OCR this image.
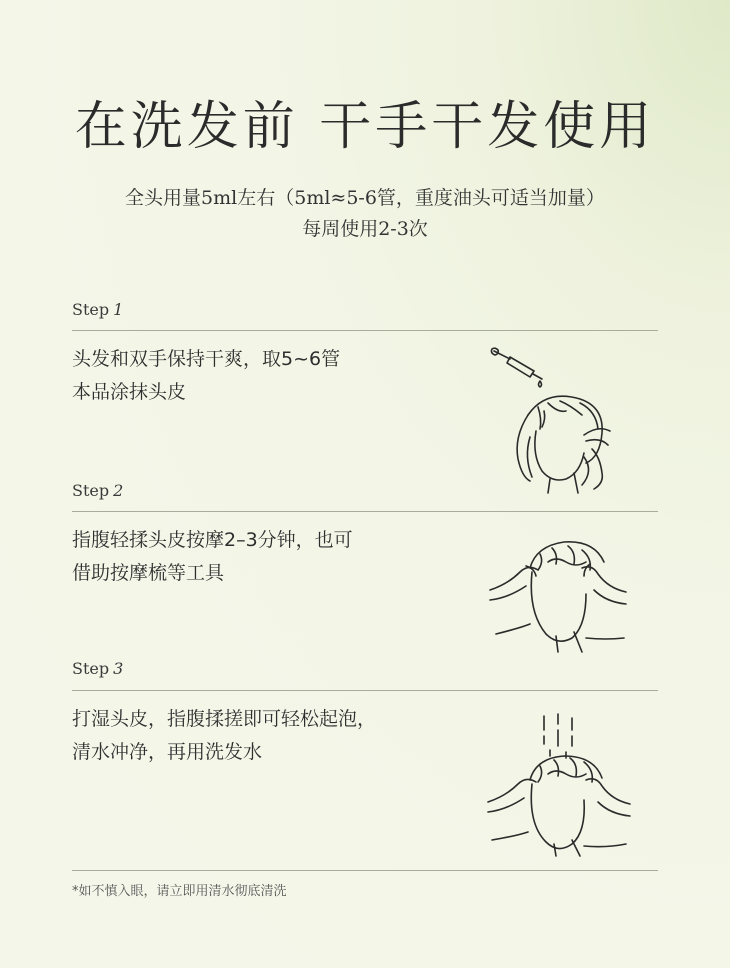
在洗发前 干手干发使用
全头用量5ml左右（5ml≈5-6管，重度油头可适当加量）
每周使用2-3次
Step 1
头发和双手保持干爽，取5~6管
本品涂抹头皮
Step 2
指腹轻揉头皮按摩2–3分钟，也可
借助按摩梳等工具
Step 3
打湿头皮，指腹揉搓即可轻松起泡，
清水冲净，再用洗发水
*如不慎入眼，请立即用清水彻底清洗
